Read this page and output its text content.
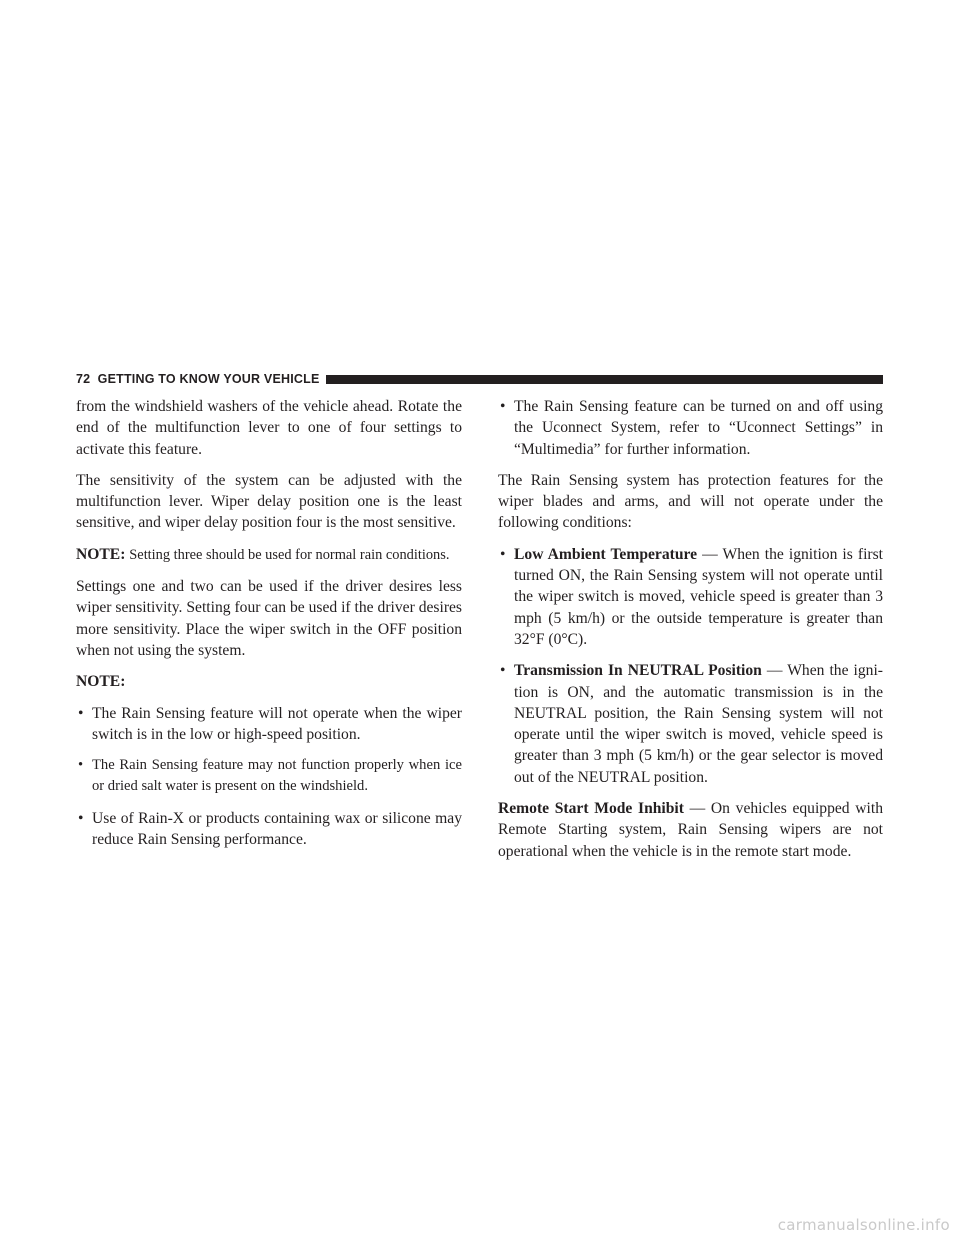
72 GETTING TO KNOW YOUR VEHICLE

from the windshield washers of the vehicle ahead. Rotate the end of the multifunction lever to one of four settings to activate this feature.

The sensitivity of the system can be adjusted with the multifunction lever. Wiper delay position one is the least sensitive, and wiper delay position four is the most sensitive.

NOTE: Setting three should be used for normal rain conditions.

Settings one and two can be used if the driver desires less wiper sensitivity. Setting four can be used if the driver desires more sensitivity. Place the wiper switch in the OFF position when not using the system.

NOTE:

• The Rain Sensing feature will not operate when the wiper switch is in the low or high-speed position.
• The Rain Sensing feature may not function properly when ice or dried salt water is present on the windshield.
• Use of Rain-X or products containing wax or silicone may reduce Rain Sensing performance.
• The Rain Sensing feature can be turned on and off using the Uconnect System, refer to “Uconnect Settings” in “Multimedia” for further information.

The Rain Sensing system has protection features for the wiper blades and arms, and will not operate under the following conditions:

• Low Ambient Temperature — When the ignition is first turned ON, the Rain Sensing system will not operate until the wiper switch is moved, vehicle speed is greater than 3 mph (5 km/h) or the outside temperature is greater than 32°F (0°C).
• Transmission In NEUTRAL Position — When the ignition is ON, and the automatic transmission is in the NEUTRAL position, the Rain Sensing system will not operate until the wiper switch is moved, vehicle speed is greater than 3 mph (5 km/h) or the gear selector is moved out of the NEUTRAL position.

Remote Start Mode Inhibit — On vehicles equipped with Remote Starting system, Rain Sensing wipers are not operational when the vehicle is in the remote start mode.

carmanualsonline.info
